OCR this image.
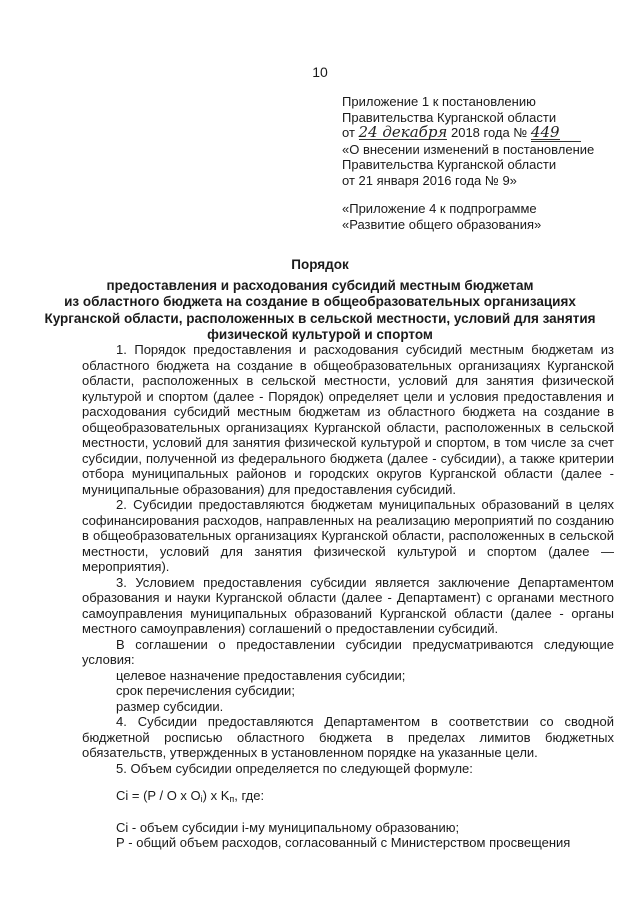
10
Приложение 1 к постановлению
Правительства Курганской области
от 24 декабря 2018 года № 449
«О внесении изменений в постановление
Правительства Курганской области
от 21 января 2016 года № 9»
«Приложение 4 к подпрограмме
«Развитие общего образования»
Порядок
предоставления и расходования субсидий местным бюджетам
из областного бюджета на создание в общеобразовательных организациях
Курганской области, расположенных в сельской местности, условий для занятия
физической культурой и спортом

1. Порядок предоставления и расходования субсидий местным бюджетам из областного бюджета на создание в общеобразовательных организациях Курганской области, расположенных в сельской местности, условий для занятия физической культурой и спортом (далее - Порядок) определяет цели и условия предоставления и расходования субсидий местным бюджетам из областного бюджета на создание в общеобразовательных организациях Курганской области, расположенных в сельской местности, условий для занятия физической культурой и спортом, в том числе за счет субсидии, полученной из федерального бюджета (далее - субсидии), а также критерии отбора муниципальных районов и городских округов Курганской области (далее - муниципальные образования) для предоставления субсидий.

2. Субсидии предоставляются бюджетам муниципальных образований в целях софинансирования расходов, направленных на реализацию мероприятий по созданию в общеобразовательных организациях Курганской области, расположенных в сельской местности, условий для занятия физической культурой и спортом (далее — мероприятия).

3. Условием предоставления субсидии является заключение Департаментом образования и науки Курганской области (далее - Департамент) с органами местного самоуправления муниципальных образований Курганской области (далее - органы местного самоуправления) соглашений о предоставлении субсидий.

В соглашении о предоставлении субсидии предусматриваются следующие условия:

целевое назначение предоставления субсидии;

срок перечисления субсидии;

размер субсидии.

4. Субсидии предоставляются Департаментом в соответствии со сводной бюджетной росписью областного бюджета в пределах лимитов бюджетных обязательств, утвержденных в установленном порядке на указанные цели.

5. Объем субсидии определяется по следующей формуле:

Ci = (P / O x $O_i$) x $K_п$, где:

Ci - объем субсидии i-му муниципальному образованию;

Р - общий объем расходов, согласованный с Министерством просвещения
